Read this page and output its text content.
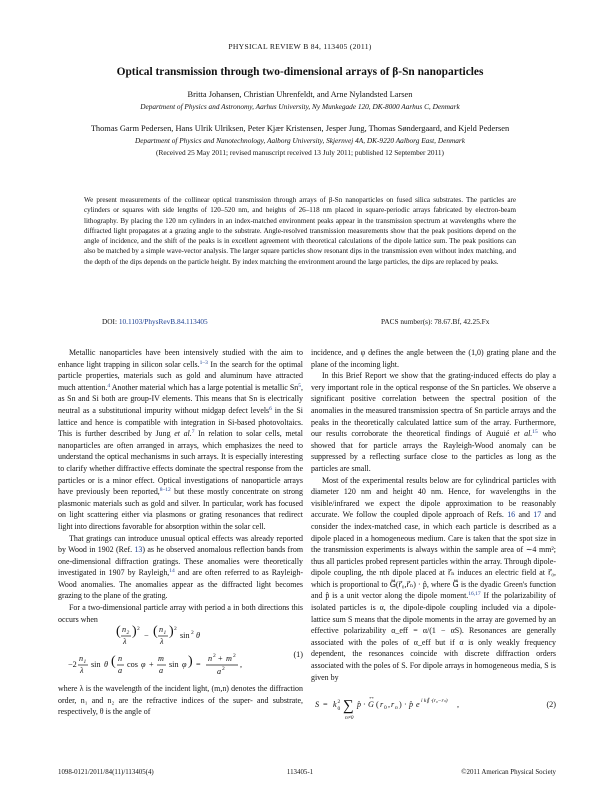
PHYSICAL REVIEW B 84, 113405 (2011)
Optical transmission through two-dimensional arrays of β-Sn nanoparticles
Britta Johansen, Christian Uhrenfeldt, and Arne Nylandsted Larsen
Department of Physics and Astronomy, Aarhus University, Ny Munkegade 120, DK-8000 Aarhus C, Denmark
Thomas Garm Pedersen, Hans Ulrik Ulriksen, Peter Kjær Kristensen, Jesper Jung, Thomas Søndergaard, and Kjeld Pedersen
Department of Physics and Nanotechnology, Aalborg University, Skjernvej 4A, DK-9220 Aalborg East, Denmark
(Received 25 May 2011; revised manuscript received 13 July 2011; published 12 September 2011)
We present measurements of the collinear optical transmission through arrays of β-Sn nanoparticles on fused silica substrates. The particles are cylinders or squares with side lengths of 120–520 nm, and heights of 26–118 nm placed in square-periodic arrays fabricated by electron-beam lithography. By placing the 120 nm cylinders in an index-matched environment peaks appear in the transmission spectrum at wavelengths where the diffracted light propagates at a grazing angle to the substrate. Angle-resolved transmission measurements show that the peak positions depend on the angle of incidence, and the shift of the peaks is in excellent agreement with theoretical calculations of the dipole lattice sum. The peak positions can also be matched by a simple wave-vector analysis. The larger square particles show resonant dips in the transmission even without index matching, and the depth of the dips depends on the particle height. By index matching the environment around the large particles, the dips are replaced by peaks.
DOI: 10.1103/PhysRevB.84.113405	PACS number(s): 78.67.Bf, 42.25.Fx

Metallic nanoparticles have been intensively studied with the aim to enhance light trapping in silicon solar cells.$^{1-3}$ In the search for the optimal particle properties, materials such as gold and aluminum have attracted much attention.$^4$ Another material which has a large potential is metallic Sn$^5$, as Sn and Si both are group-IV elements. This means that Sn is electrically neutral as a substitutional impurity without midgap defect levels$^6$ in the Si lattice and hence is compatible with integration in Si-based photovoltaics. This is further described by Jung et al.$^7$ In relation to solar cells, metal nanoparticles are often arranged in arrays, which emphasizes the need to understand the optical mechanisms in such arrays. It is especially interesting to clarify whether diffractive effects dominate the spectral response from the particles or is a minor effect. Optical investigations of nanoparticle arrays have previously been reported,$^{8-12}$ but these mostly concentrate on strong plasmonic materials such as gold and silver. In particular, work has focused on light scattering either via plasmons or grating resonances that redirect light into directions favorable for absorption within the solar cell.

That gratings can introduce unusual optical effects was already reported by Wood in 1902 (Ref. 13) as he observed anomalous reflection bands from one-dimensional diffraction gratings. These anomalies were theoretically investigated in 1907 by Rayleigh,$^{14}$ and are often referred to as Rayleigh-Wood anomalies. The anomalies appear as the diffracted light becomes grazing to the plane of the grating.

For a two-dimensional particle array with period a in both directions this occurs when

( n 2
λ
) 2
− ( n 1
λ
) 2
sin 2 θ
−2
n 1
λ
sin θ ( n
a
cos φ +
m
a
sin φ ) =
n 2 + m 2
a 2 ,
(1)

where λ is the wavelength of the incident light, (m,n) denotes the diffraction order, n₁ and n₂ are the refractive indices of the super- and substrate, respectively, θ is the angle of

incidence, and φ defines the angle between the (1,0) grating plane and the plane of the incoming light.

In this Brief Report we show that the grating-induced effects do play a very important role in the optical response of the Sn particles. We observe a significant positive correlation between the spectral position of the anomalies in the measured transmission spectra of Sn particle arrays and the peaks in the theoretically calculated lattice sum of the array. Furthermore, our results corroborate the theoretical findings of Auguié et al.$^{15}$ who showed that for particle arrays the Rayleigh-Wood anomaly can be suppressed by a reflecting surface close to the particles as long as the particles are small.

Most of the experimental results below are for cylindrical particles with diameter 120 nm and height 40 nm. Hence, for wavelengths in the visible/infrared we expect the dipole approximation to be reasonably accurate. We follow the coupled dipole approach of Refs. 16 and 17 and consider the index-matched case, in which each particle is described as a dipole placed in a homogeneous medium. Care is taken that the spot size in the transmission experiments is always within the sample area of ∼4 mm²; thus all particles probed represent particles within the array. Through dipole-dipole coupling, the nth dipole placed at r⃗ₙ induces an electric field at r⃗₀, which is proportional to G⃡(r⃗₀,r⃗ₙ) · p̂, where G⃡ is the dyadic Green's function and p̂ is a unit vector along the dipole moment.$^{16,17}$ If the polarizability of isolated particles is α, the dipole-dipole coupling included via a dipole-lattice sum S means that the dipole moments in the array are governed by an effective polarizability α_eff = α/(1 − αS). Resonances are generally associated with the poles of α_eff but if α is only weakly frequency dependent, the resonances coincide with discrete diffraction orders associated with the poles of S. For dipole arrays in homogeneous media, S is given by

S = k 2
0 ∑
n≠0
p̂ · G
↔
( r 0 , r n ) · p̂ e i k∥ ·(r₀−rₙ) ,	(2)
1098-0121/2011/84(11)/113405(4)	113405-1	©2011 American Physical Society
